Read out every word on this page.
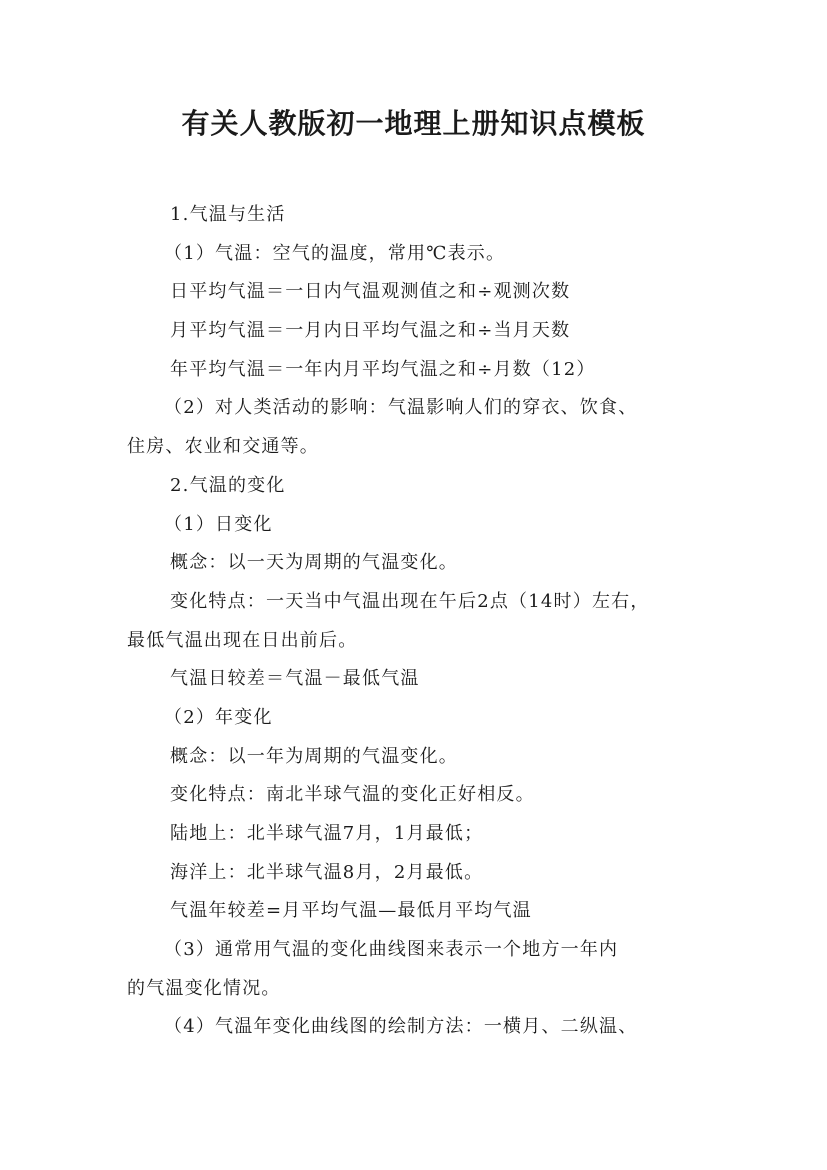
有关人教版初一地理上册知识点模板
1.气温与生活
（1）气温：空气的温度，常用℃表示。
日平均气温＝一日内气温观测值之和÷观测次数
月平均气温＝一月内日平均气温之和÷当月天数
年平均气温＝一年内月平均气温之和÷月数（12）
（2）对人类活动的影响：气温影响人们的穿衣、饮食、
住房、农业和交通等。
2.气温的变化
（1）日变化
概念：以一天为周期的气温变化。
变化特点：一天当中气温出现在午后2点（14时）左右，
最低气温出现在日出前后。
气温日较差＝气温－最低气温
（2）年变化
概念：以一年为周期的气温变化。
变化特点：南北半球气温的变化正好相反。
陆地上：北半球气温7月，1月最低；
海洋上：北半球气温8月，2月最低。
气温年较差=月平均气温—最低月平均气温
（3）通常用气温的变化曲线图来表示一个地方一年内
的气温变化情况。
（4）气温年变化曲线图的绘制方法：一横月、二纵温、
